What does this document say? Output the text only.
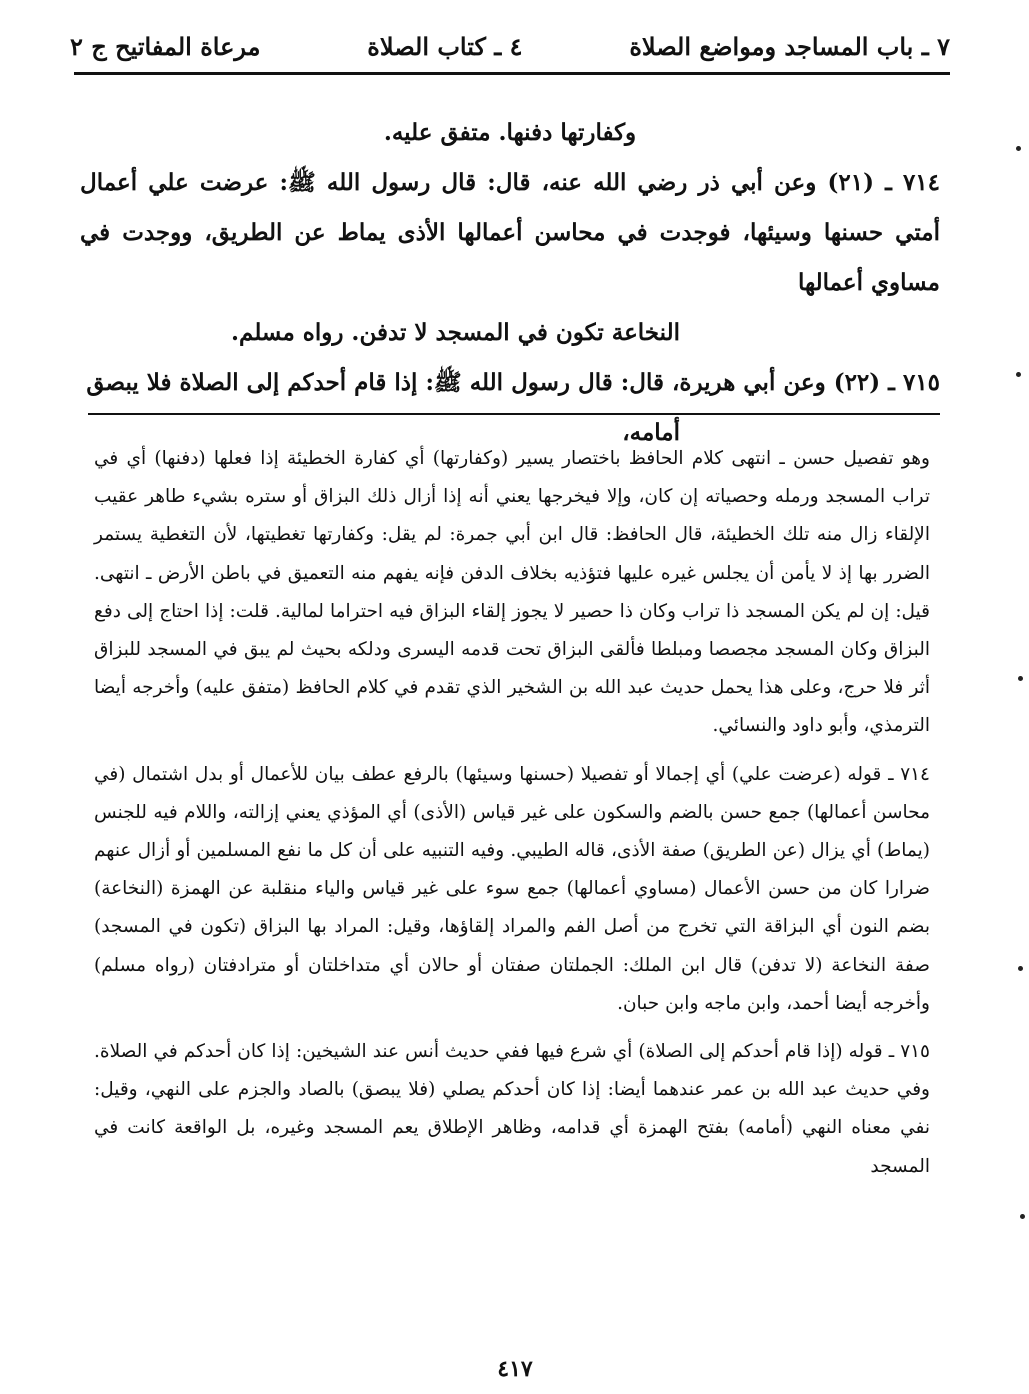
مرعاة المفاتيح ج ٢	٤ ـ كتاب الصلاة	٧ ـ باب المساجد ومواضع الصلاة

وكفارتها دفنها. متفق عليه.

٧١٤ ـ (٢١) وعن أبي ذر رضي الله عنه، قال: قال رسول الله ﷺ: عرضت علي أعمال أمتي حسنها وسيئها، فوجدت في محاسن أعمالها الأذى يماط عن الطريق، ووجدت في مساوي أعمالها

النخاعة تكون في المسجد لا تدفن. رواه مسلم.

٧١٥ ـ (٢٢) وعن أبي هريرة، قال: قال رسول الله ﷺ: إذا قام أحدكم إلى الصلاة فلا يبصق

أمامه،

وهو تفصيل حسن ـ انتهى كلام الحافظ باختصار يسير (وكفارتها) أي كفارة الخطيئة إذا فعلها (دفنها) أي في تراب المسجد ورمله وحصياته إن كان، وإلا فيخرجها يعني أنه إذا أزال ذلك البزاق أو ستره بشيء طاهر عقيب الإلقاء زال منه تلك الخطيئة، قال الحافظ: قال ابن أبي جمرة: لم يقل: وكفارتها تغطيتها، لأن التغطية يستمر الضرر بها إذ لا يأمن أن يجلس غيره عليها فتؤذيه بخلاف الدفن فإنه يفهم منه التعميق في باطن الأرض ـ انتهى. قيل: إن لم يكن المسجد ذا تراب وكان ذا حصير لا يجوز إلقاء البزاق فيه احتراما لمالية. قلت: إذا احتاج إلى دفع البزاق وكان المسجد مجصصا ومبلطا فألقى البزاق تحت قدمه اليسرى ودلكه بحيث لم يبق في المسجد للبزاق أثر فلا حرج، وعلى هذا يحمل حديث عبد الله بن الشخير الذي تقدم في كلام الحافظ (متفق عليه) وأخرجه أيضا الترمذي، وأبو داود والنسائي.

٧١٤ ـ قوله (عرضت علي) أي إجمالا أو تفصيلا (حسنها وسيئها) بالرفع عطف بيان للأعمال أو بدل اشتمال (في محاسن أعمالها) جمع حسن بالضم والسكون على غير قياس (الأذى) أي المؤذي يعني إزالته، واللام فيه للجنس (يماط) أي يزال (عن الطريق) صفة الأذى، قاله الطيبي. وفيه التنبيه على أن كل ما نفع المسلمين أو أزال عنهم ضرارا كان من حسن الأعمال (مساوي أعمالها) جمع سوء على غير قياس والياء منقلبة عن الهمزة (النخاعة) بضم النون أي البزاقة التي تخرج من أصل الفم والمراد إلقاؤها، وقيل: المراد بها البزاق (تكون في المسجد) صفة النخاعة (لا تدفن) قال ابن الملك: الجملتان صفتان أو حالان أي متداخلتان أو مترادفتان (رواه مسلم) وأخرجه أيضا أحمد، وابن ماجه وابن حبان.

٧١٥ ـ قوله (إذا قام أحدكم إلى الصلاة) أي شرع فيها ففي حديث أنس عند الشيخين: إذا كان أحدكم في الصلاة. وفي حديث عبد الله بن عمر عندهما أيضا: إذا كان أحدكم يصلي (فلا يبصق) بالصاد والجزم على النهي، وقيل: نفي معناه النهي (أمامه) بفتح الهمزة أي قدامه، وظاهر الإطلاق يعم المسجد وغيره، بل الواقعة كانت في المسجد

٤١٧
